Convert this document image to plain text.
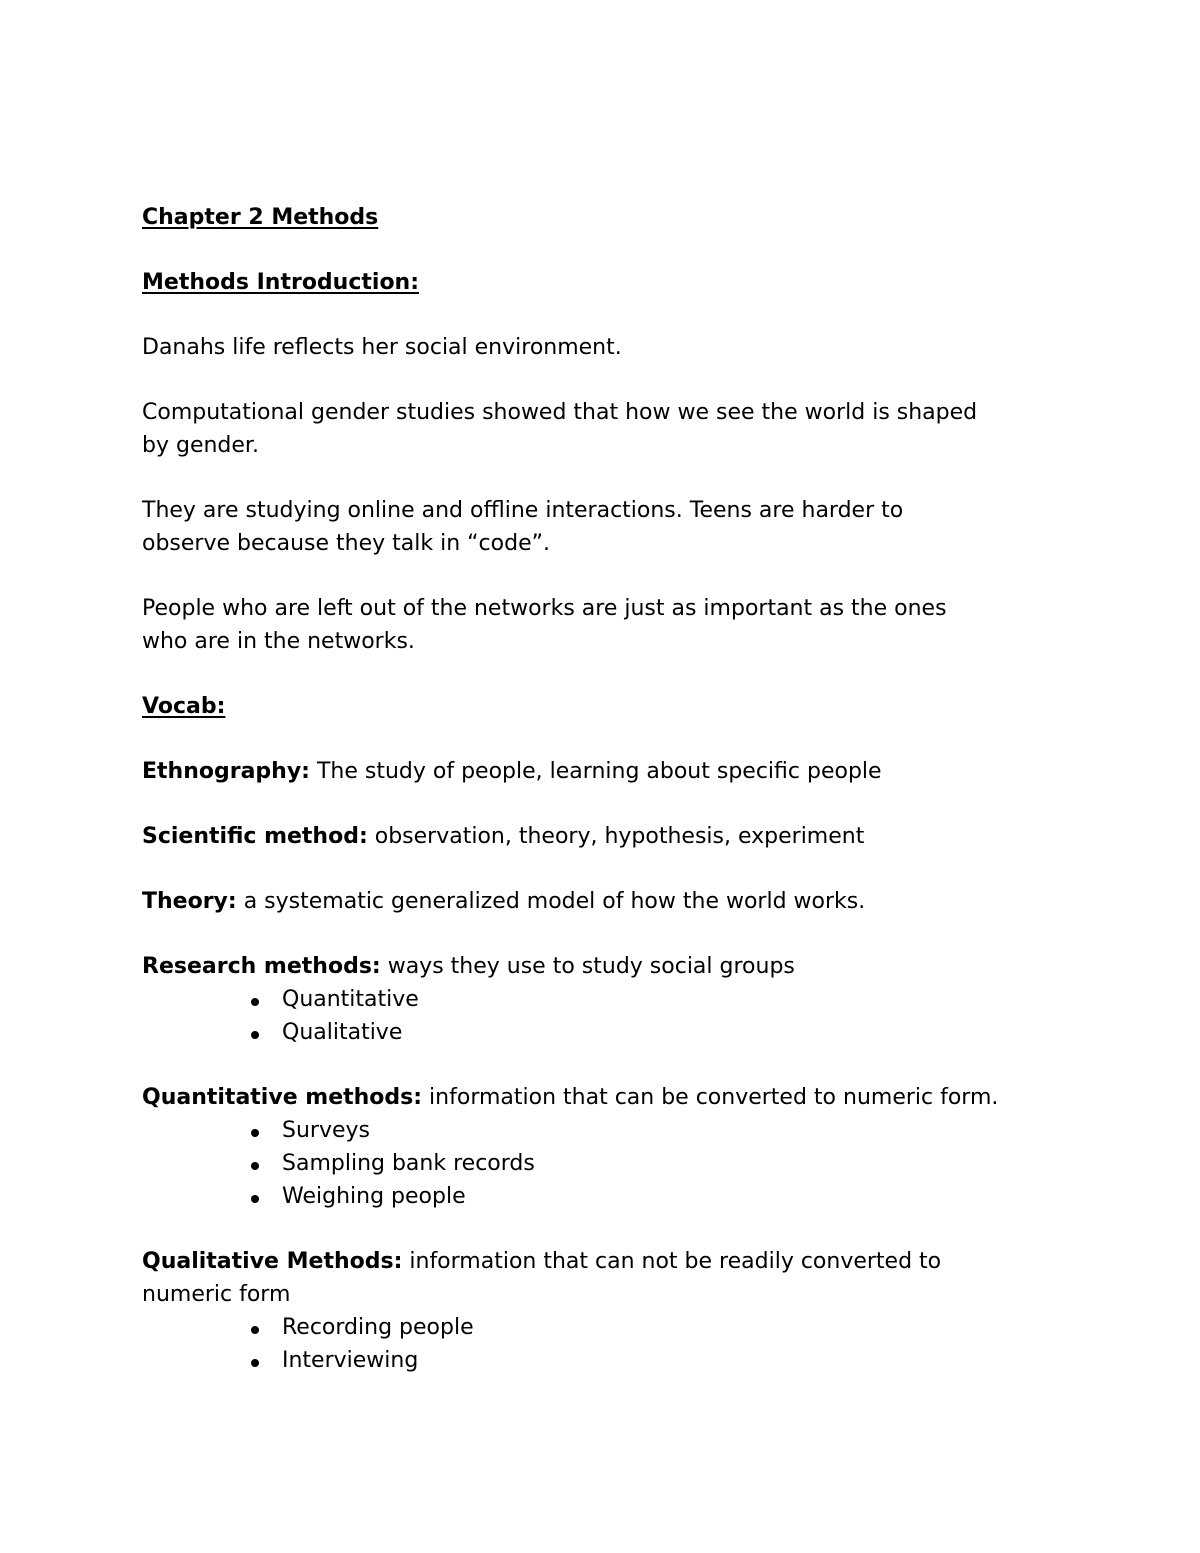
Chapter 2 Methods
Methods Introduction:

Danahs life reflects her social environment.

Computational gender studies showed that how we see the world is shaped
by gender.

They are studying online and offline interactions. Teens are harder to
observe because they talk in “code”.

People who are left out of the networks are just as important as the ones
who are in the networks.

Vocab:

Ethnography: The study of people, learning about specific people

Scientific method: observation, theory, hypothesis, experiment

Theory: a systematic generalized model of how the world works.

Research methods: ways they use to study social groups
Quantitative
Qualitative
Quantitative methods: information that can be converted to numeric form.
Surveys
Sampling bank records
Weighing people
Qualitative Methods: information that can not be readily converted to
numeric form
Recording people
Interviewing
